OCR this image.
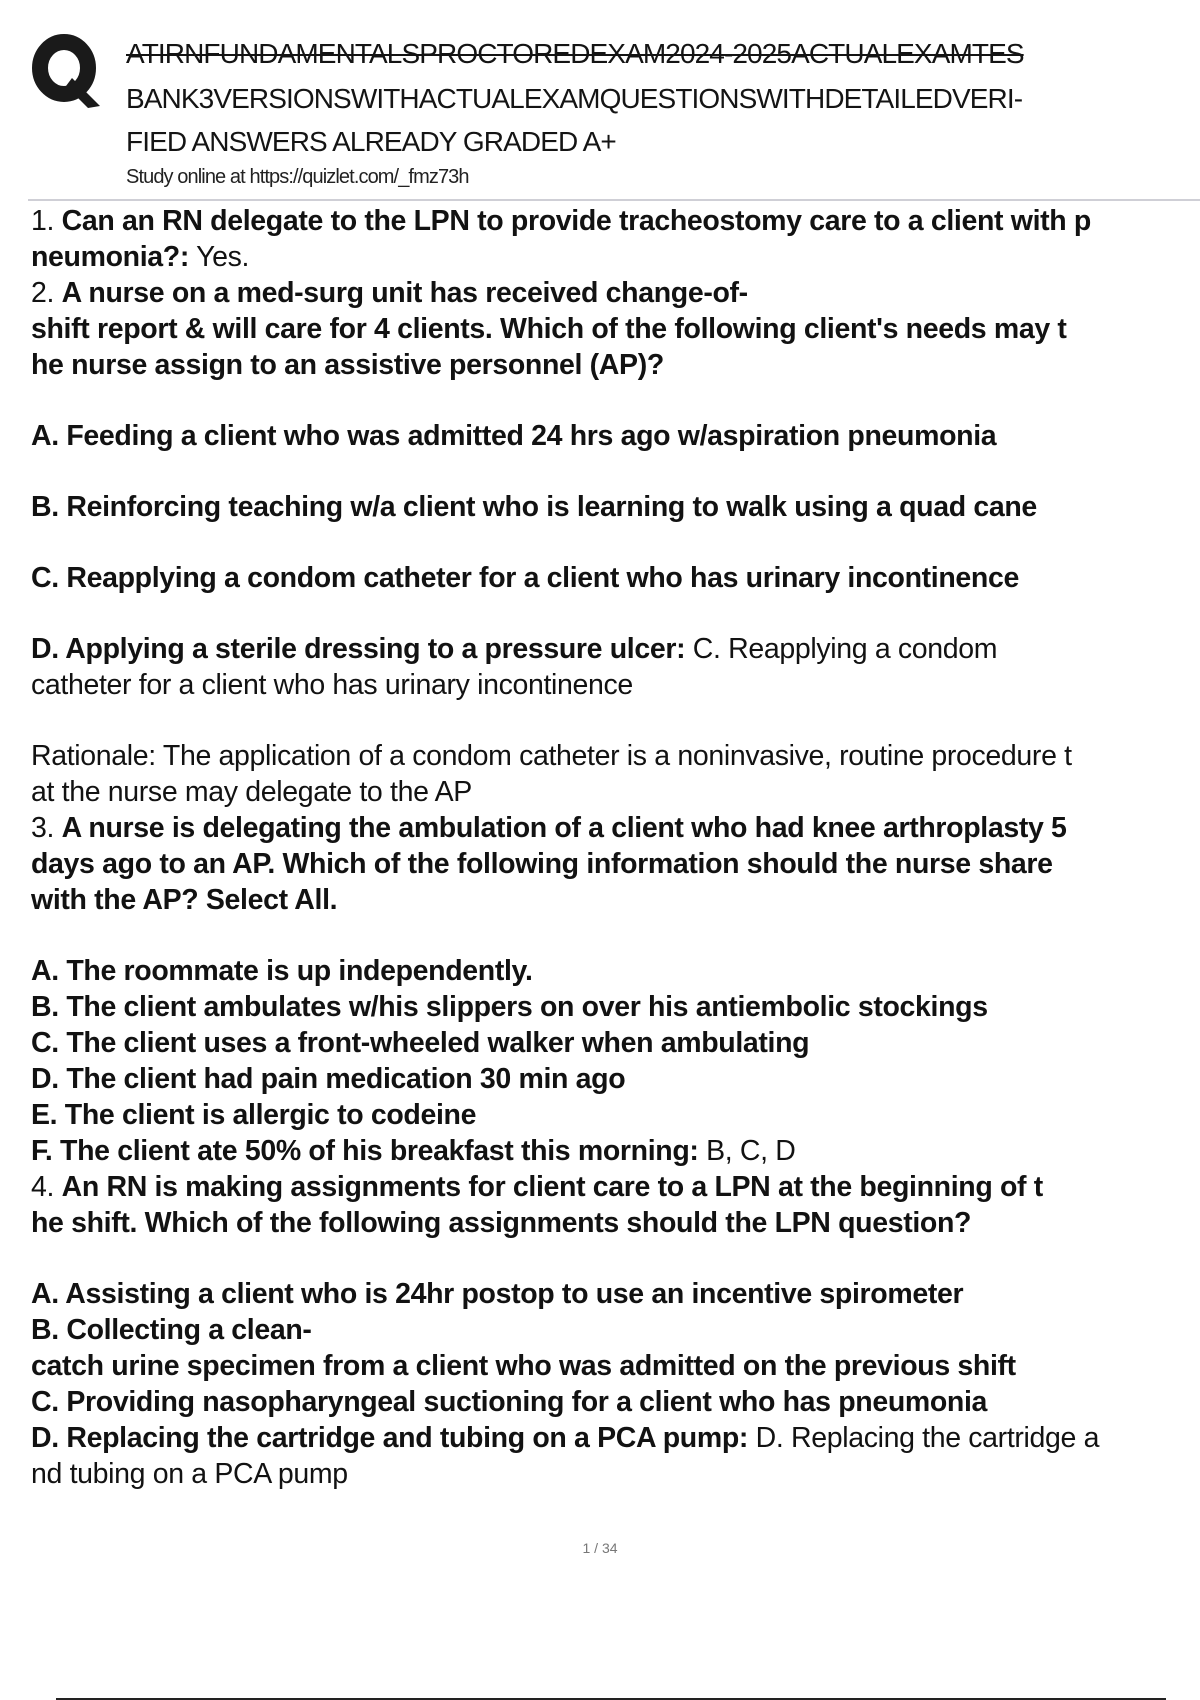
ATIRNFUNDAMENTALSPROCTOREDEXAM2024-2025ACTUALEXAMTES
BANK3VERSIONSWITHACTUALEXAMQUESTIONSWITHDETAILEDVERI-
FIED ANSWERS ALREADY GRADED A+
Study online at https://quizlet.com/_fmz73h
1. Can an RN delegate to the LPN to provide tracheostomy care to a client with p
neumonia?: Yes.
2. A nurse on a med-surg unit has received change-of-
shift report & will care for 4 clients. Which of the following client's needs may t
he nurse assign to an assistive personnel (AP)?
A. Feeding a client who was admitted 24 hrs ago w/aspiration pneumonia
B. Reinforcing teaching w/a client who is learning to walk using a quad cane
C. Reapplying a condom catheter for a client who has urinary incontinence
D. Applying a sterile dressing to a pressure ulcer: C. Reapplying a condom
catheter for a client who has urinary incontinence
Rationale: The application of a condom catheter is a noninvasive, routine procedure t
at the nurse may delegate to the AP
3. A nurse is delegating the ambulation of a client who had knee arthroplasty 5
days ago to an AP. Which of the following information should the nurse share
with the AP? Select All.
A. The roommate is up independently.
B. The client ambulates w/his slippers on over his antiembolic stockings
C. The client uses a front-wheeled walker when ambulating
D. The client had pain medication 30 min ago
E. The client is allergic to codeine
F. The client ate 50% of his breakfast this morning: B, C, D
4. An RN is making assignments for client care to a LPN at the beginning of t
he shift. Which of the following assignments should the LPN question?
A. Assisting a client who is 24hr postop to use an incentive spirometer
B. Collecting a clean-
catch urine specimen from a client who was admitted on the previous shift
C. Providing nasopharyngeal suctioning for a client who has pneumonia
D. Replacing the cartridge and tubing on a PCA pump: D. Replacing the cartridge a
nd tubing on a PCA pump
1 / 34
